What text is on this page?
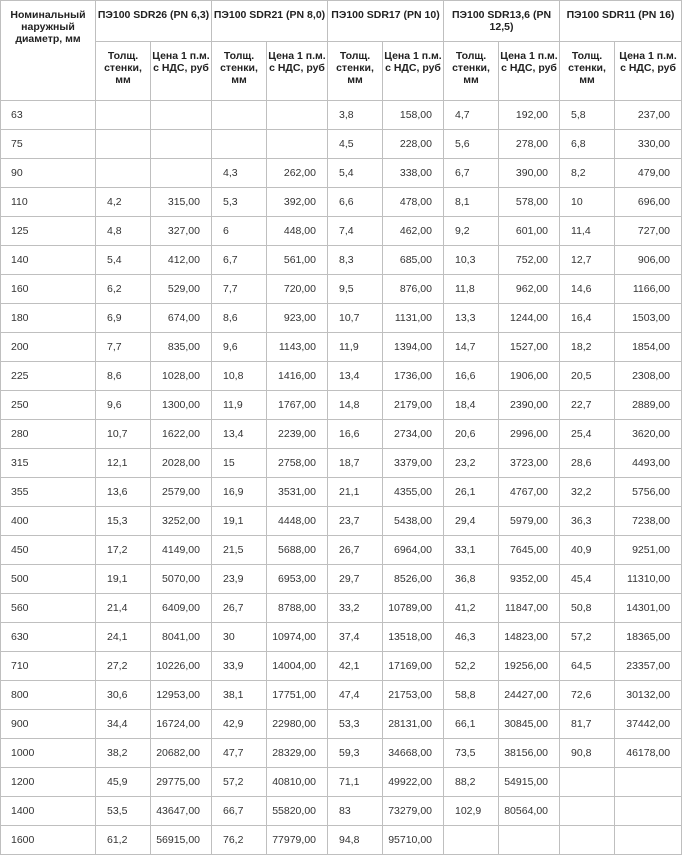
Номинальный наружный диаметр, мм	ПЭ100 SDR26 (PN 6,3)		ПЭ100 SDR21 (PN 8,0)		ПЭ100 SDR17 (PN 10)		ПЭ100 SDR13,6 (PN 12,5)		ПЭ100 SDR11 (PN 16)	
	Толщ. стенки, мм	Цена 1 п.м. с НДС, руб	Толщ. стенки, мм	Цена 1 п.м. с НДС, руб	Толщ. стенки, мм	Цена 1 п.м. с НДС, руб	Толщ. стенки, мм	Цена 1 п.м. с НДС, руб	Толщ. стенки, мм	Цена 1 п.м. с НДС, руб
63					3,8	158,00	4,7	192,00	5,8	237,00
75					4,5	228,00	5,6	278,00	6,8	330,00
90			4,3	262,00	5,4	338,00	6,7	390,00	8,2	479,00
110	4,2	315,00	5,3	392,00	6,6	478,00	8,1	578,00	10	696,00
125	4,8	327,00	6	448,00	7,4	462,00	9,2	601,00	11,4	727,00
140	5,4	412,00	6,7	561,00	8,3	685,00	10,3	752,00	12,7	906,00
160	6,2	529,00	7,7	720,00	9,5	876,00	11,8	962,00	14,6	1166,00
180	6,9	674,00	8,6	923,00	10,7	1131,00	13,3	1244,00	16,4	1503,00
200	7,7	835,00	9,6	1143,00	11,9	1394,00	14,7	1527,00	18,2	1854,00
225	8,6	1028,00	10,8	1416,00	13,4	1736,00	16,6	1906,00	20,5	2308,00
250	9,6	1300,00	11,9	1767,00	14,8	2179,00	18,4	2390,00	22,7	2889,00
280	10,7	1622,00	13,4	2239,00	16,6	2734,00	20,6	2996,00	25,4	3620,00
315	12,1	2028,00	15	2758,00	18,7	3379,00	23,2	3723,00	28,6	4493,00
355	13,6	2579,00	16,9	3531,00	21,1	4355,00	26,1	4767,00	32,2	5756,00
400	15,3	3252,00	19,1	4448,00	23,7	5438,00	29,4	5979,00	36,3	7238,00
450	17,2	4149,00	21,5	5688,00	26,7	6964,00	33,1	7645,00	40,9	9251,00
500	19,1	5070,00	23,9	6953,00	29,7	8526,00	36,8	9352,00	45,4	11310,00
560	21,4	6409,00	26,7	8788,00	33,2	10789,00	41,2	11847,00	50,8	14301,00
630	24,1	8041,00	30	10974,00	37,4	13518,00	46,3	14823,00	57,2	18365,00
710	27,2	10226,00	33,9	14004,00	42,1	17169,00	52,2	19256,00	64,5	23357,00
800	30,6	12953,00	38,1	17751,00	47,4	21753,00	58,8	24427,00	72,6	30132,00
900	34,4	16724,00	42,9	22980,00	53,3	28131,00	66,1	30845,00	81,7	37442,00
1000	38,2	20682,00	47,7	28329,00	59,3	34668,00	73,5	38156,00	90,8	46178,00
1200	45,9	29775,00	57,2	40810,00	71,1	49922,00	88,2	54915,00		
1400	53,5	43647,00	66,7	55820,00	83	73279,00	102,9	80564,00		
1600	61,2	56915,00	76,2	77979,00	94,8	95710,00				
